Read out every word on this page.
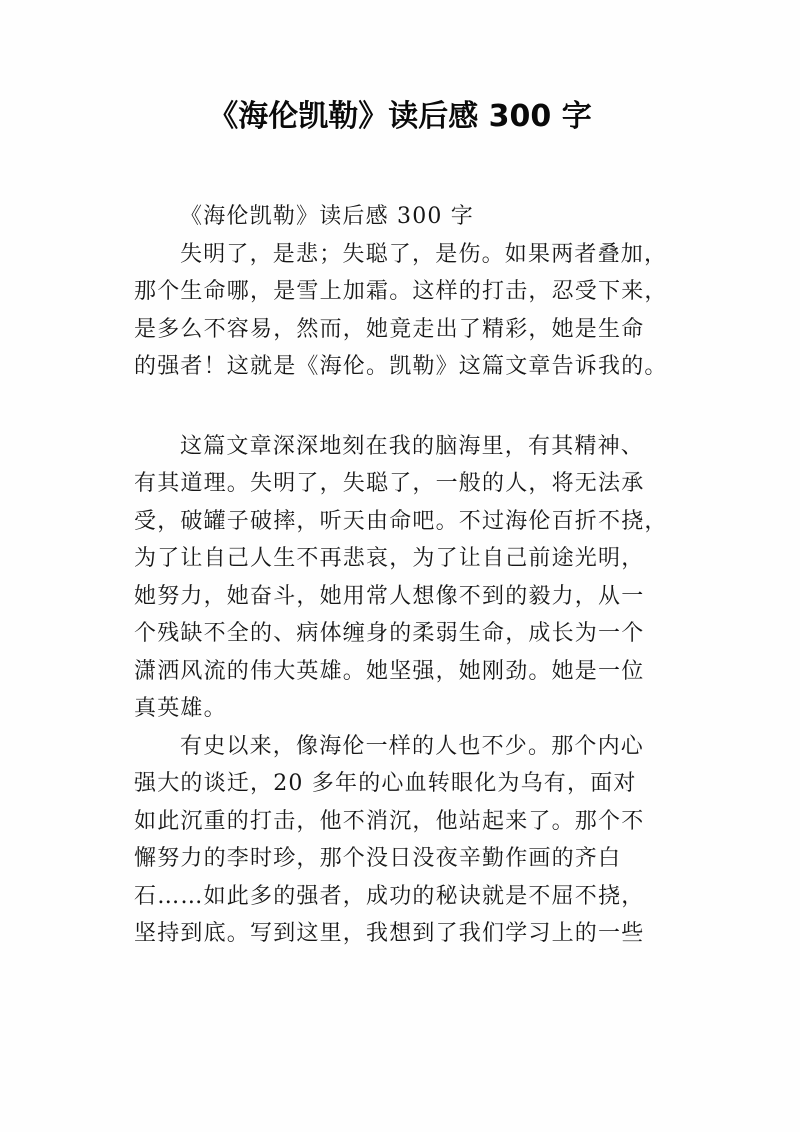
《海伦凯勒》读后感 300 字
《海伦凯勒》读后感 300 字
失明了，是悲；失聪了，是伤。如果两者叠加，
那个生命哪，是雪上加霜。这样的打击，忍受下来，
是多么不容易，然而，她竟走出了精彩，她是生命
的强者！这就是《海伦。凯勒》这篇文章告诉我的。
这篇文章深深地刻在我的脑海里，有其精神、
有其道理。失明了，失聪了，一般的人，将无法承
受，破罐子破摔，听天由命吧。不过海伦百折不挠，
为了让自己人生不再悲哀，为了让自己前途光明，
她努力，她奋斗，她用常人想像不到的毅力，从一
个残缺不全的、病体缠身的柔弱生命，成长为一个
潇洒风流的伟大英雄。她坚强，她刚劲。她是一位
真英雄。
有史以来，像海伦一样的人也不少。那个内心
强大的谈迁，20 多年的心血转眼化为乌有，面对
如此沉重的打击，他不消沉，他站起来了。那个不
懈努力的李时珍，那个没日没夜辛勤作画的齐白
石……如此多的强者，成功的秘诀就是不屈不挠，
坚持到底。写到这里，我想到了我们学习上的一些
